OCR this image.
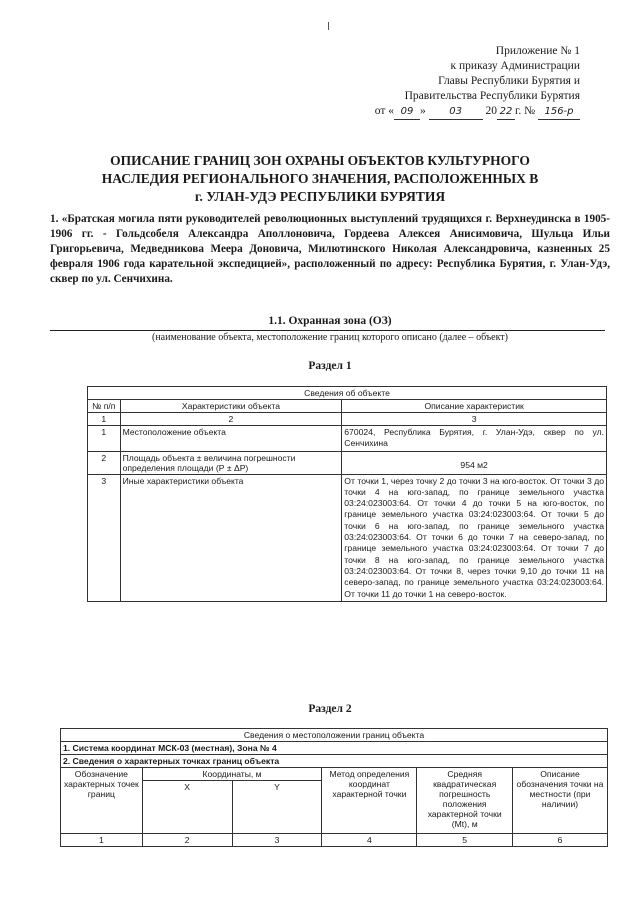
Приложение № 1
к приказу Администрации
Главы Республики Бурятия и
Правительства Республики Бурятия
от « 09 » 03 20 22 г. № 156-р
ОПИСАНИЕ ГРАНИЦ ЗОН ОХРАНЫ ОБЪЕКТОВ КУЛЬТУРНОГО
НАСЛЕДИЯ РЕГИОНАЛЬНОГО ЗНАЧЕНИЯ, РАСПОЛОЖЕННЫХ В
г. УЛАН-УДЭ РЕСПУБЛИКИ БУРЯТИЯ
1. «Братская могила пяти руководителей революционных выступлений трудящихся г. Верхнеудинска в 1905-1906 гг. - Гольдсобеля Александра Аполлоновича, Гордеева Алексея Анисимовича, Шульца Ильи Григорьевича, Медведникова Меера Доновича, Милютинского Николая Александровича, казненных 25 февраля 1906 года карательной экспедицией», расположенный по адресу: Республика Бурятия, г. Улан-Удэ, сквер по ул. Сенчихина.
1.1. Охранная зона (ОЗ)
(наименование объекта, местоположение границ которого описано (далее – объект)
Раздел 1
Сведения об объекте		
№ п/п	Характеристики объекта	Описание характеристик
1	2	3
1	Местоположение объекта	670024, Республика Бурятия, г. Улан-Удэ, сквер по ул. Сенчихина
2	Площадь объекта ± величина погрешности определения площади (Р ± ΔР)	954 м2
3	Иные характеристики объекта	От точки 1, через точку 2 до точки 3 на юго-восток. От точки 3 до точки 4 на юго-запад, по границе земельного участка 03:24:023003:64. От точки 4 до точки 5 на юго-восток, по границе земельного участка 03:24:023003:64. От точки 5 до точки 6 на юго-запад, по границе земельного участка 03:24:023003:64. От точки 6 до точки 7 на северо-запад, по границе земельного участка 03:24:023003:64. От точки 7 до точки 8 на юго-запад, по границе земельного участка 03:24:023003:64. От точки 8, через точки 9,10 до точки 11 на северо-запад, по границе земельного участка 03:24:023003:64. От точки 11 до точки 1 на северо-восток.
Раздел 2
Сведения о местоположении границ объекта					
1. Система координат МСК-03 (местная), Зона № 4					
2. Сведения о характерных точках границ объекта					
Обозначение характерных точек границ	Координаты, м		Метод определения координат характерной точки	Средняя квадратическая погрешность положения характерной точки (Mt), м	Описание обозначения точки на местности (при наличии)
	X	Y			
1	2	3	4	5	6
